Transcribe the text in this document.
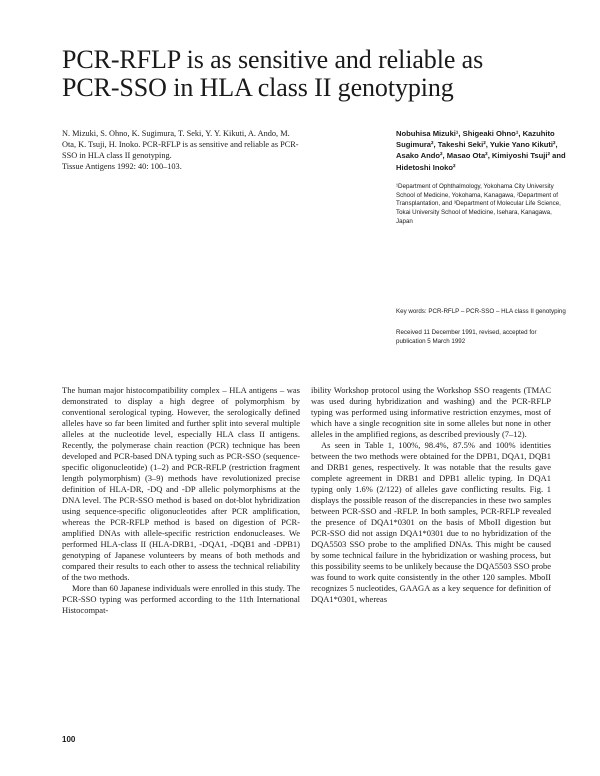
PCR-RFLP is as sensitive and reliable as
PCR-SSO in HLA class II genotyping
N. Mizuki, S. Ohno, K. Sugimura, T. Seki, Y. Y. Kikuti, A. Ando, M.
Ota, K. Tsuji, H. Inoko. PCR-RFLP is as sensitive and reliable as PCR-
SSO in HLA class II genotyping.
Tissue Antigens 1992: 40: 100–103.
Nobuhisa Mizuki¹, Shigeaki Ohno¹, Kazuhito Sugimura², Takeshi Seki², Yukie Yano Kikuti², Asako Ando², Masao Ota², Kimiyoshi Tsuji² and Hidetoshi Inoko²
¹Department of Ophthalmology, Yokohama City University School of Medicine, Yokohama, Kanagawa, ²Department of Transplantation, and ³Department of Molecular Life Science, Tokai University School of Medicine, Isehara, Kanagawa, Japan
Key words: PCR-RFLP – PCR-SSO – HLA class II genotyping
Received 11 December 1991, revised, accepted for publication 5 March 1992

The human major histocompatibility complex – HLA antigens – was demonstrated to display a high degree of polymorphism by conventional serological typing. However, the serologically defined alleles have so far been limited and further split into several multiple alleles at the nucleotide level, especially HLA class II antigens. Recently, the polymerase chain reaction (PCR) technique has been developed and PCR-based DNA typing such as PCR-SSO (sequence-specific oligonucleotide) (1–2) and PCR-RFLP (restriction fragment length polymorphism) (3–9) methods have revolutionized precise definition of HLA-DR, -DQ and -DP allelic polymorphisms at the DNA level. The PCR-SSO method is based on dot-blot hybridization using sequence-specific oligonucleotides after PCR amplification, whereas the PCR-RFLP method is based on digestion of PCR-amplified DNAs with allele-specific restriction endonucleases. We performed HLA-class II (HLA-DRB1, -DQA1, -DQB1 and -DPB1) genotyping of Japanese volunteers by means of both methods and compared their results to each other to assess the technical reliability of the two methods.

More than 60 Japanese individuals were enrolled in this study. The PCR-SSO typing was performed according to the 11th International Histocompat-

ibility Workshop protocol using the Workshop SSO reagents (TMAC was used during hybridization and washing) and the PCR-RFLP typing was performed using informative restriction enzymes, most of which have a single recognition site in some alleles but none in other alleles in the amplified regions, as described previously (7–12).

As seen in Table 1, 100%, 98.4%, 87.5% and 100% identities between the two methods were obtained for the DPB1, DQA1, DQB1 and DRB1 genes, respectively. It was notable that the results gave complete agreement in DRB1 and DPB1 allelic typing. In DQA1 typing only 1.6% (2/122) of alleles gave conflicting results. Fig. 1 displays the possible reason of the discrepancies in these two samples between PCR-SSO and -RFLP. In both samples, PCR-RFLP revealed the presence of DQA1*0301 on the basis of MboII digestion but PCR-SSO did not assign DQA1*0301 due to no hybridization of the DQA5503 SSO probe to the amplified DNAs. This might be caused by some technical failure in the hybridization or washing process, but this possibility seems to be unlikely because the DQA5503 SSO probe was found to work quite consistently in the other 120 samples. MboII recognizes 5 nucleotides, GAAGA as a key sequence for definition of DQA1*0301, whereas

100
